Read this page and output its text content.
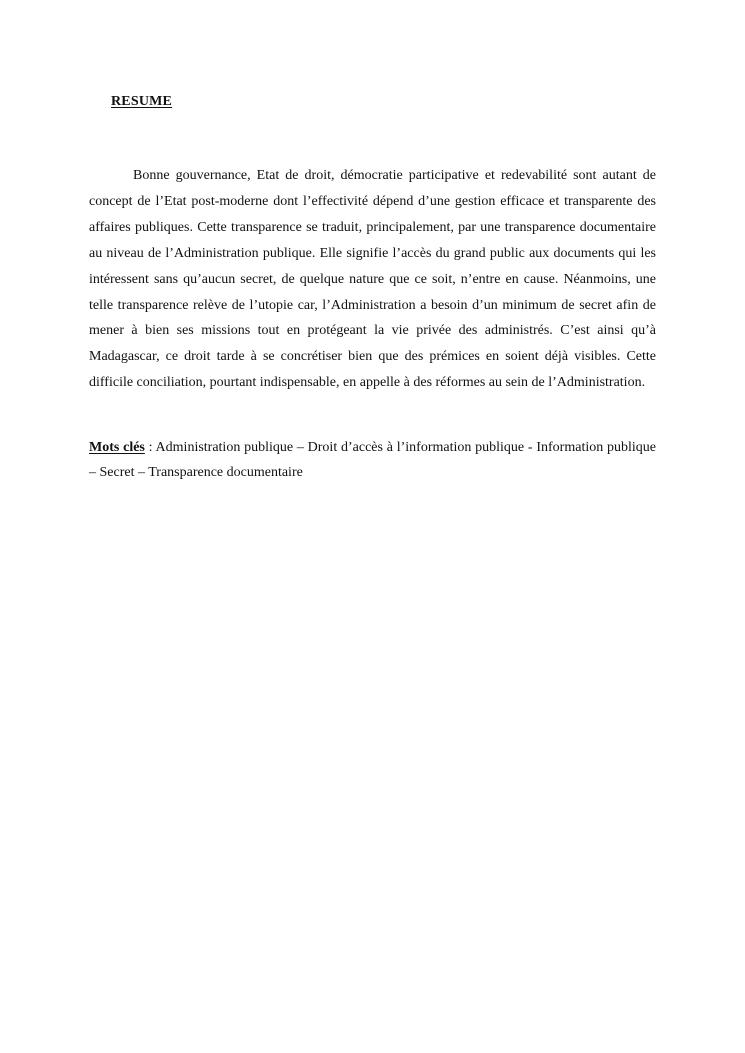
RESUME

Bonne gouvernance, Etat de droit, démocratie participative et redevabilité sont autant de concept de l’Etat post-moderne dont l’effectivité dépend d’une gestion efficace et transparente des affaires publiques. Cette transparence se traduit, principalement, par une transparence documentaire au niveau de l’Administration publique. Elle signifie l’accès du grand public aux documents qui les intéressent sans qu’aucun secret, de quelque nature que ce soit, n’entre en cause. Néanmoins, une telle transparence relève de l’utopie car, l’Administration a besoin d’un minimum de secret afin de mener à bien ses missions tout en protégeant la vie privée des administrés. C’est ainsi qu’à Madagascar, ce droit tarde à se concrétiser bien que des prémices en soient déjà visibles. Cette difficile conciliation, pourtant indispensable, en appelle à des réformes au sein de l’Administration.

Mots clés : Administration publique – Droit d’accès à l’information publique - Information publique – Secret – Transparence documentaire
